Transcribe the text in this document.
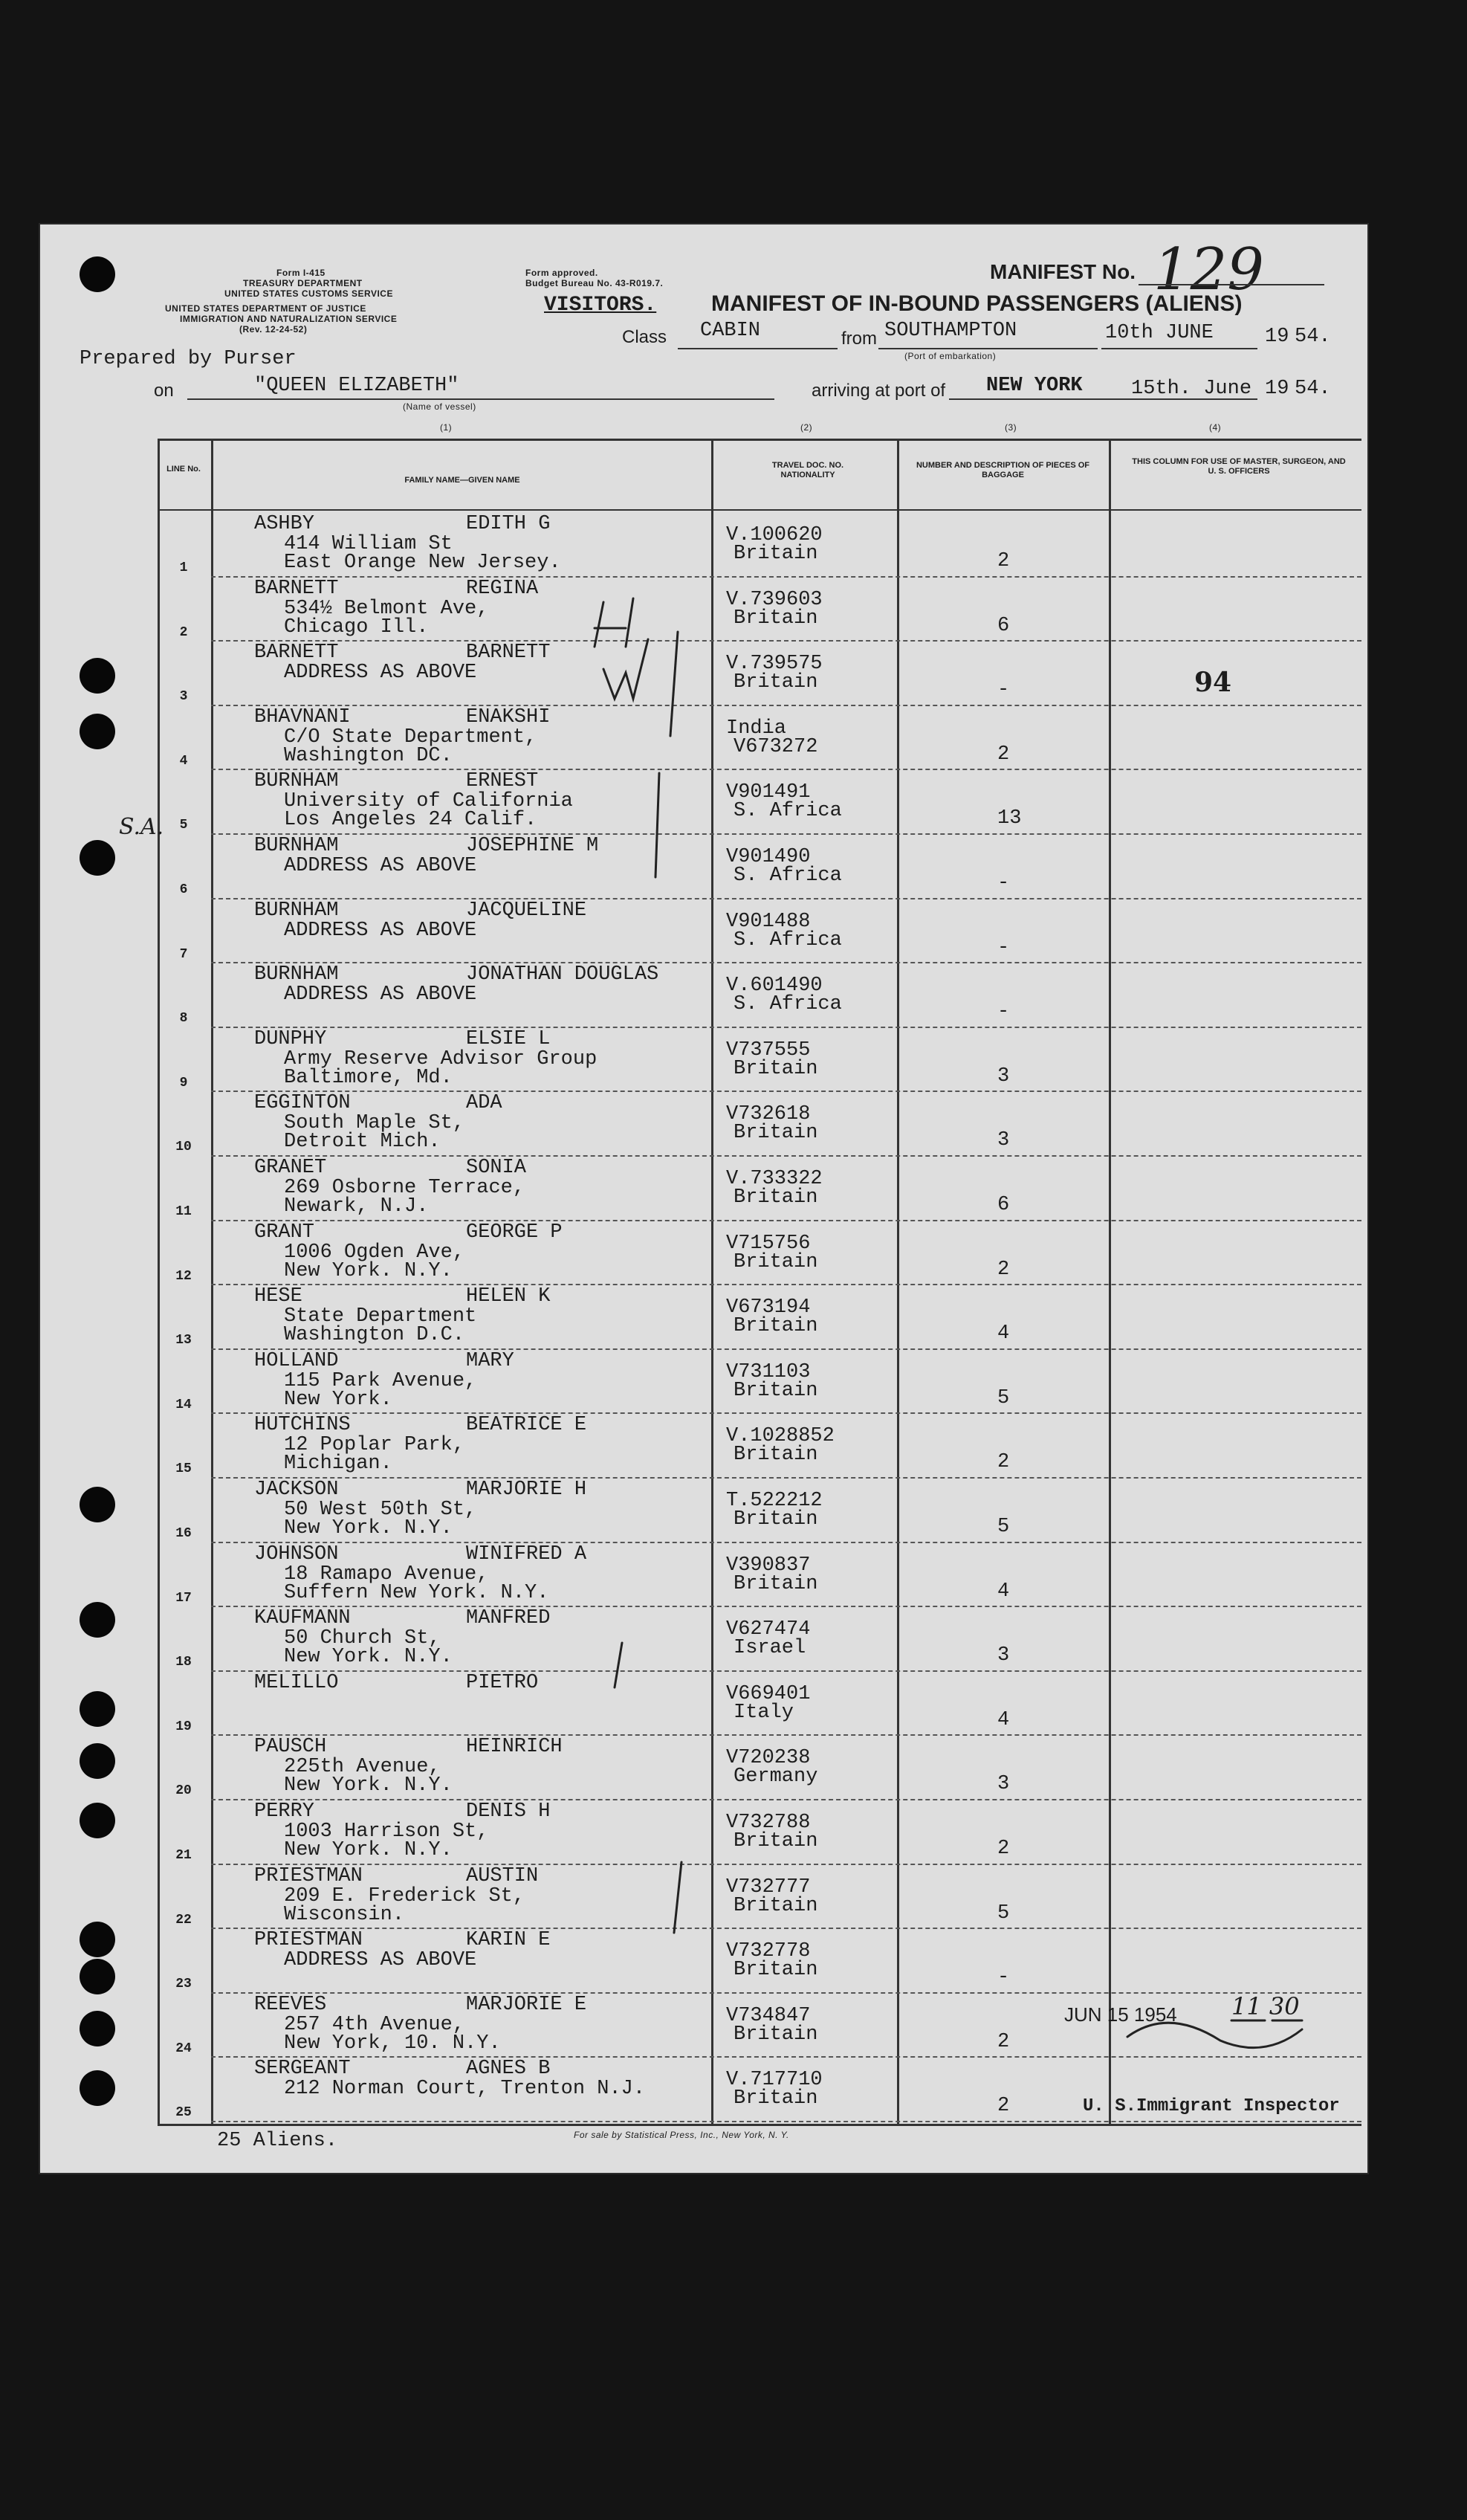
Form I-415
TREASURY DEPARTMENT
UNITED STATES CUSTOMS SERVICE
UNITED STATES DEPARTMENT OF JUSTICE
IMMIGRATION AND NATURALIZATION SERVICE
(Rev. 12-24-52)
Form approved.
Budget Bureau No. 43-R019.7.	MANIFEST No. 129
VISITORS. MANIFEST OF IN-BOUND PASSENGERS (ALIENS)
Class CABIN	from SOUTHAMPTON
(Port of embarkation)
10th JUNE	19 54.
Prepared by Purser
on	"QUEEN ELIZABETH"
(Name of vessel)
arriving at port of NEW YORK 15th. June 19 54.
(1)	(2)	(3)	(4)
LINE No.
FAMILY NAME—GIVEN NAME
TRAVEL DOC. NO. NATIONALITY
NUMBER AND DESCRIPTION OF PIECES OF BAGGAGE
THIS COLUMN FOR USE OF MASTER, SURGEON, AND U. S. OFFICERS
1
ASHBY	EDITH G
414 William St
East Orange New Jersey.
V.100620
Britain	2
2
BARNETT	REGINA
534½ Belmont Ave,
Chicago Ill.
V.739603
Britain	6
3
BARNETT	BARNETT
ADDRESS AS ABOVE	V.739575
Britain	-
4
BHAVNANI	ENAKSHI
C/O State Department,
Washington DC.
India
V673272	2
5
BURNHAM	ERNEST
University of California
Los Angeles 24 Calif.
V901491
S. Africa	13
6
BURNHAM	JOSEPHINE M
ADDRESS AS ABOVE	V901490
S. Africa	-
7
BURNHAM	JACQUELINE
ADDRESS AS ABOVE	V901488
S. Africa	-
8
BURNHAM	JONATHAN DOUGLAS
ADDRESS AS ABOVE	V.601490
S. Africa	-
9
DUNPHY	ELSIE L
Army Reserve Advisor Group
Baltimore, Md.
V737555
Britain	3
10
EGGINTON	ADA
South Maple St,
Detroit Mich.
V732618
Britain	3
11
GRANET	SONIA
269 Osborne Terrace,
Newark, N.J.
V.733322
Britain	6
12
GRANT	GEORGE P
1006 Ogden Ave,
New York. N.Y.
V715756
Britain	2
13
HESE	HELEN K
State Department
Washington D.C.
V673194
Britain	4
14
HOLLAND	MARY
115 Park Avenue,
New York.
V731103
Britain	5
15
HUTCHINS	BEATRICE E
12 Poplar Park,
Michigan.
V.1028852
Britain	2
16
JACKSON	MARJORIE H
50 West 50th St,
New York. N.Y.
T.522212
Britain	5
17
JOHNSON	WINIFRED A
18 Ramapo Avenue,
Suffern New York. N.Y.
V390837
Britain	4
18
KAUFMANN	MANFRED
50 Church St,
New York. N.Y.
V627474
Israel	3
19
MELILLO	PIETRO	V669401
Italy	4
20
PAUSCH	HEINRICH
225th Avenue,
New York. N.Y.
V720238
Germany	3
21
PERRY	DENIS H
1003 Harrison St,
New York. N.Y.
V732788
Britain	2
22
PRIESTMAN	AUSTIN
209 E. Frederick St,
Wisconsin.
V732777
Britain	5
23
PRIESTMAN	KARIN E
ADDRESS AS ABOVE	V732778
Britain	-
24
REEVES	MARJORIE E
257 4th Avenue,
New York, 10. N.Y.
V734847
Britain	2
25
SERGEANT	AGNES B
212 Norman Court, Trenton N.J.	V.717710
Britain	2
94
JUN 15 1954 11 30
U. S.Immigrant Inspector
25 Aliens.	For sale by Statistical Press, Inc., New York, N. Y.
S.A.
